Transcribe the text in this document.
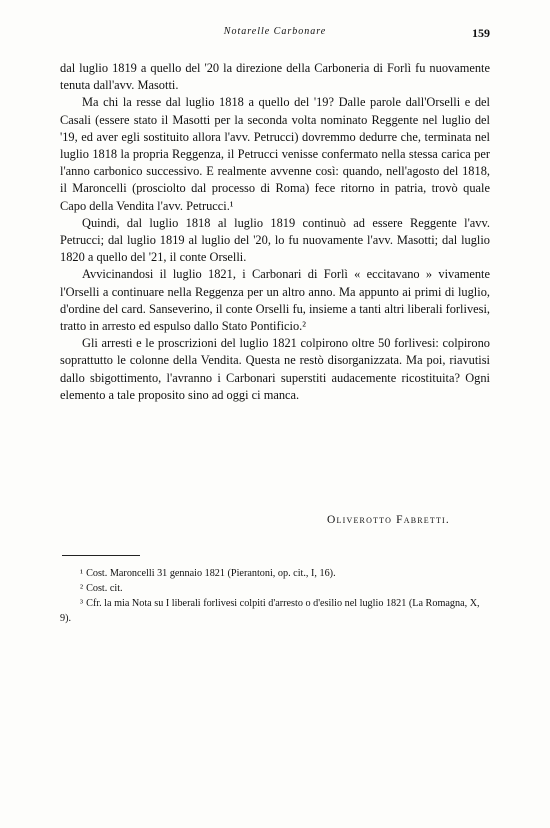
Notarelle Carbonare	159

dal luglio 1819 a quello del '20 la direzione della Carboneria di Forlì fu nuovamente tenuta dall'avv. Masotti.

Ma chi la resse dal luglio 1818 a quello del '19? Dalle parole dall'Orselli e del Casali (essere stato il Masotti per la seconda volta nominato Reggente nel luglio del '19, ed aver egli sostituito allora l'avv. Petrucci) dovremmo dedurre che, terminata nel luglio 1818 la propria Reggenza, il Petrucci venisse confermato nella stessa carica per l'anno carbonico successivo. E realmente avvenne così: quando, nell'agosto del 1818, il Maroncelli (prosciolto dal processo di Roma) fece ritorno in patria, trovò quale Capo della Vendita l'avv. Petrucci.¹

Quindi, dal luglio 1818 al luglio 1819 continuò ad essere Reggente l'avv. Petrucci; dal luglio 1819 al luglio del '20, lo fu nuovamente l'avv. Masotti; dal luglio 1820 a quello del '21, il conte Orselli.

Avvicinandosi il luglio 1821, i Carbonari di Forlì « eccitavano » vivamente l'Orselli a continuare nella Reggenza per un altro anno. Ma appunto ai primi di luglio, d'ordine del card. Sanseverino, il conte Orselli fu, insieme a tanti altri liberali forlivesi, tratto in arresto ed espulso dallo Stato Pontificio.²

Gli arresti e le proscrizioni del luglio 1821 colpirono oltre 50 forlivesi: colpirono soprattutto le colonne della Vendita. Questa ne restò disorganizzata. Ma poi, riavutisi dallo sbigottimento, l'avranno i Carbonari superstiti audacemente ricostituita? Ogni elemento a tale proposito sino ad oggi ci manca.

Oliverotto Fabretti.

¹ Cost. Maroncelli 31 gennaio 1821 (Pierantoni, op. cit., I, 16).

² Cost. cit.

³ Cfr. la mia Nota su I liberali forlivesi colpiti d'arresto o d'esilio nel luglio 1821 (La Romagna, X, 9).
